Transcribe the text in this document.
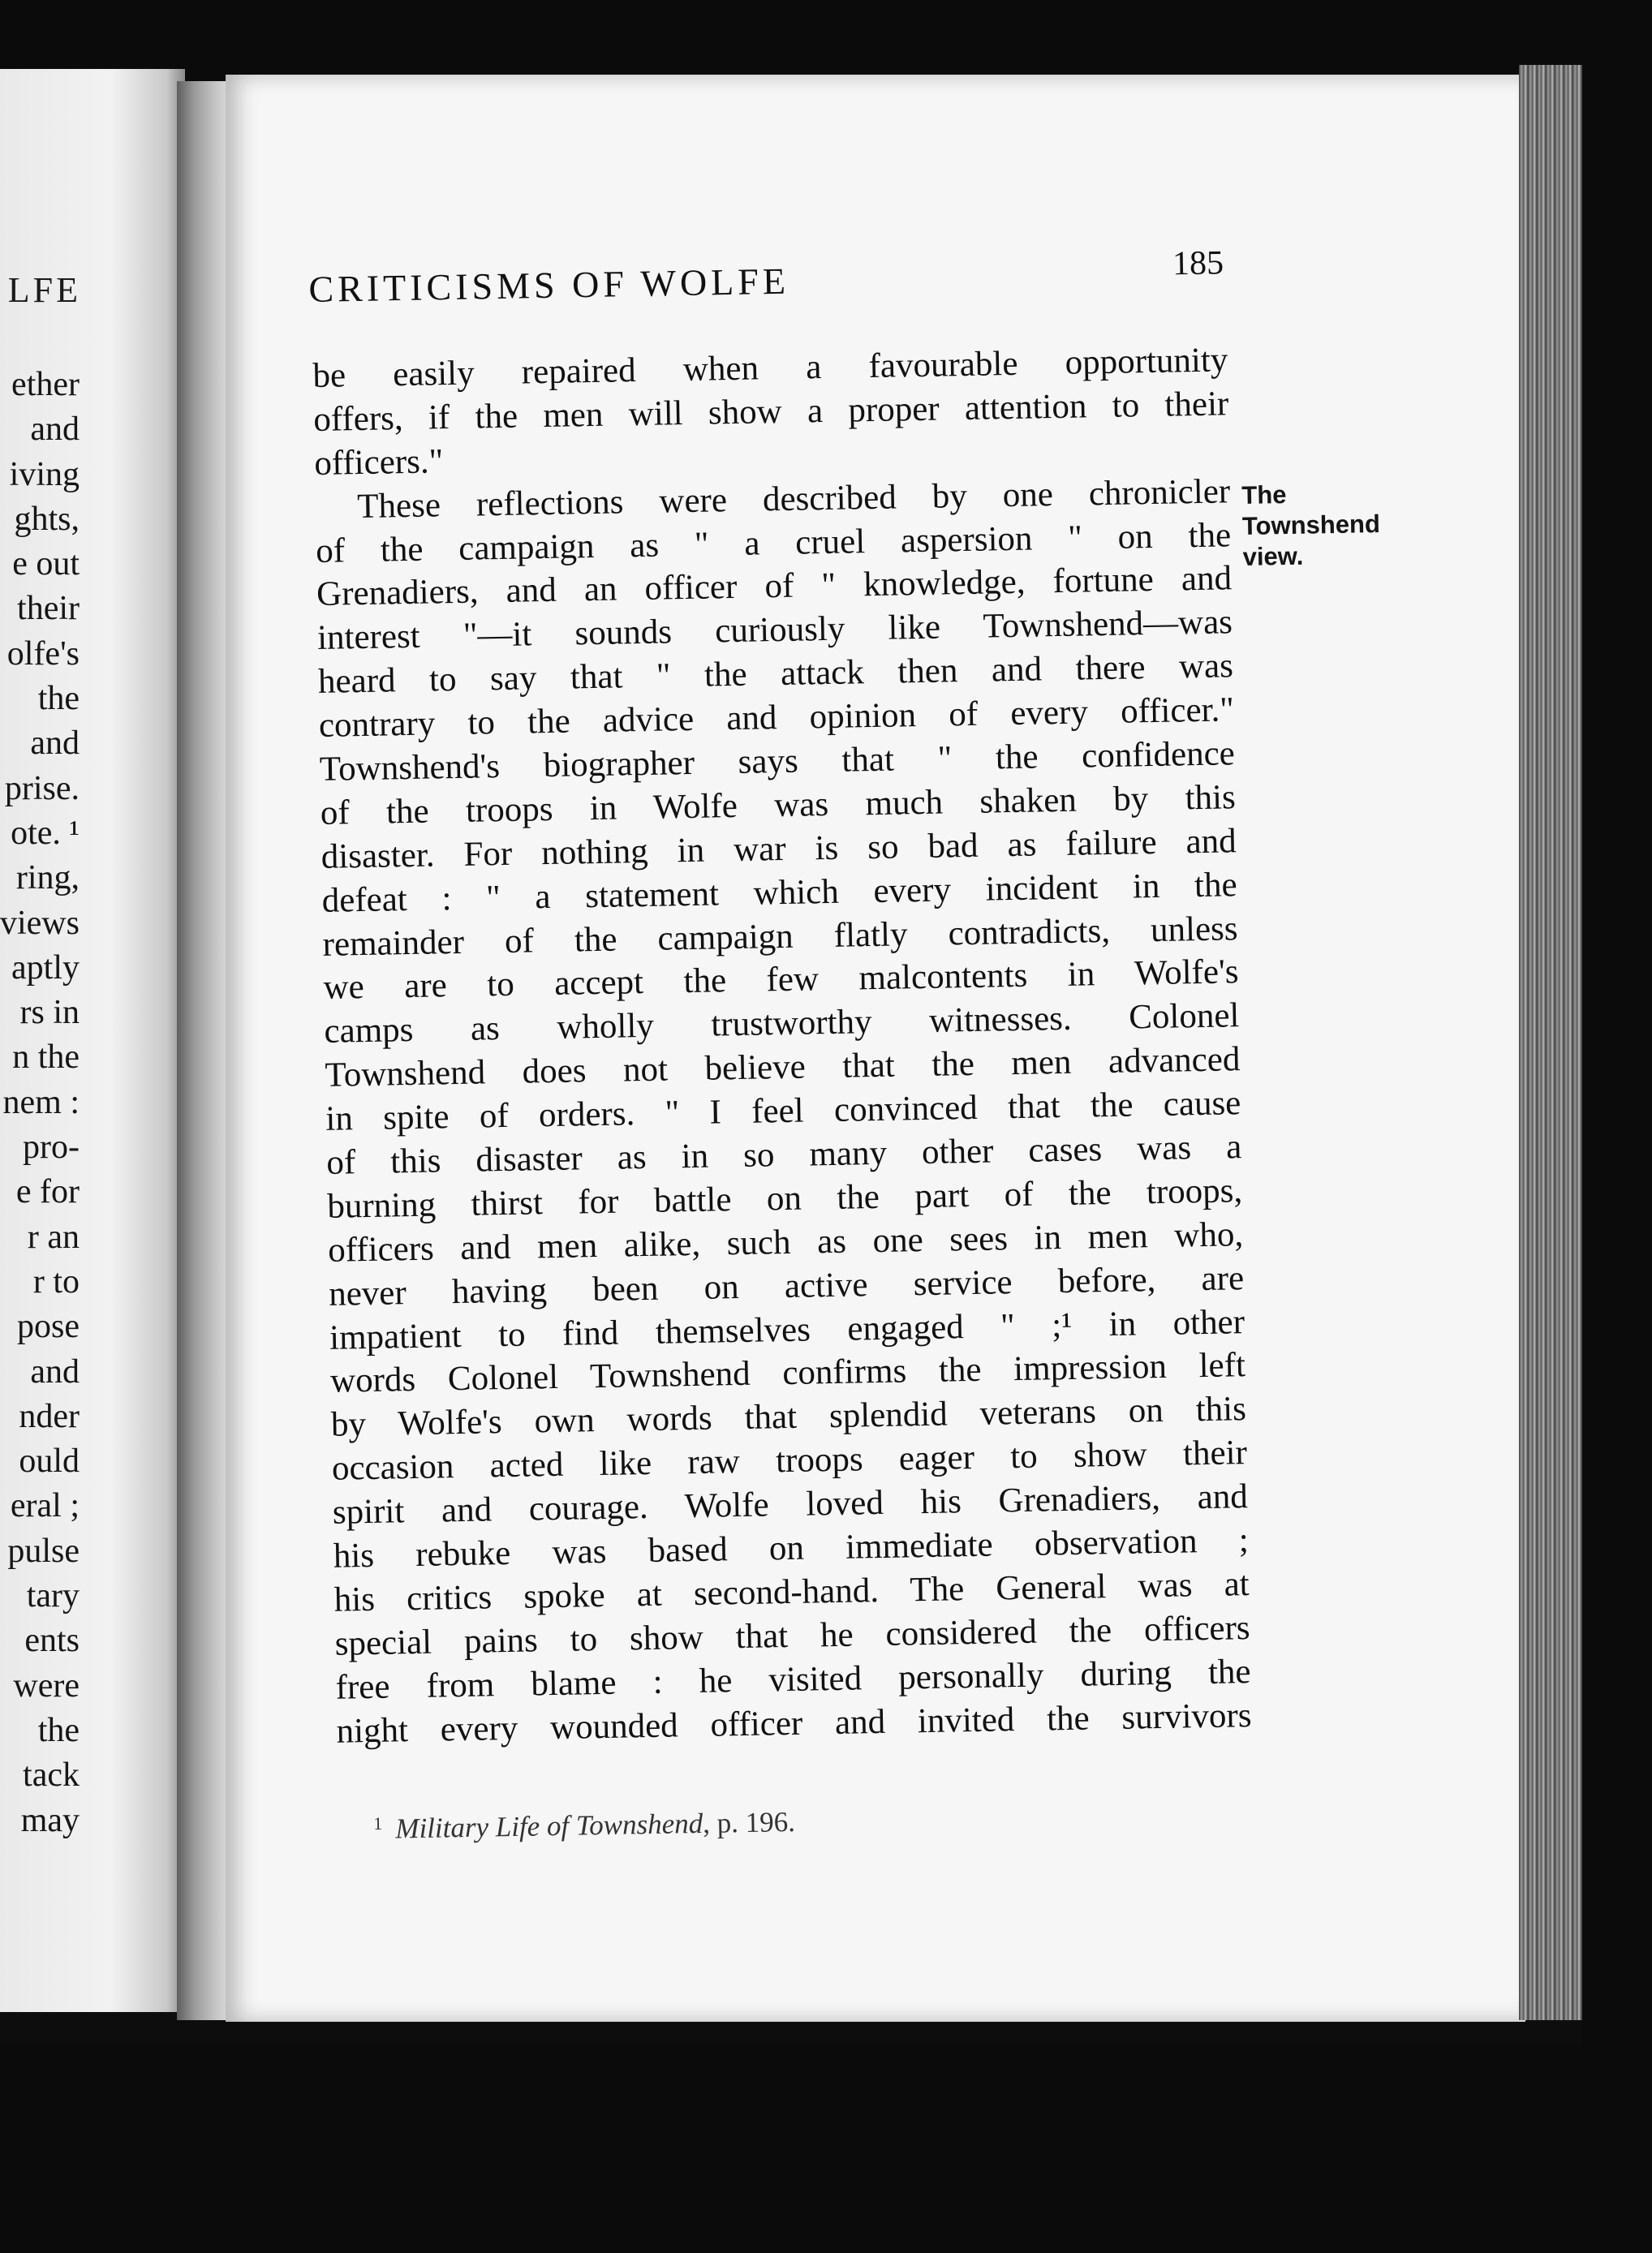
LFE
ether
and
iving
ghts,
e out
their
olfe's
the
and
prise.
ote. ¹
ring,
views
aptly
rs in
n the
nem :
pro-
e for
r an
r to
pose
and
nder
ould
eral ;
pulse
tary
ents
were
the
tack
may
CRITICISMS OF WOLFE	185
The
Townshend
view.
be easily repaired when a favourable opportunity
offers, if the men will show a proper attention to their
officers."
These reflections were described by one chronicler
of the campaign as " a cruel aspersion " on the
Grenadiers, and an officer of " knowledge, fortune and
interest "—it sounds curiously like Townshend—was
heard to say that " the attack then and there was
contrary to the advice and opinion of every officer."
Townshend's biographer says that " the confidence
of the troops in Wolfe was much shaken by this
disaster. For nothing in war is so bad as failure and
defeat : " a statement which every incident in the
remainder of the campaign flatly contradicts, unless
we are to accept the few malcontents in Wolfe's
camps as wholly trustworthy witnesses. Colonel
Townshend does not believe that the men advanced
in spite of orders. " I feel convinced that the cause
of this disaster as in so many other cases was a
burning thirst for battle on the part of the troops,
officers and men alike, such as one sees in men who,
never having been on active service before, are
impatient to find themselves engaged " ;¹ in other
words Colonel Townshend confirms the impression left
by Wolfe's own words that splendid veterans on this
occasion acted like raw troops eager to show their
spirit and courage. Wolfe loved his Grenadiers, and
his rebuke was based on immediate observation ;
his critics spoke at second-hand. The General was at
special pains to show that he considered the officers
free from blame : he visited personally during the
night every wounded officer and invited the survivors
$^1$ Military Life of Townshend, p. 196.
